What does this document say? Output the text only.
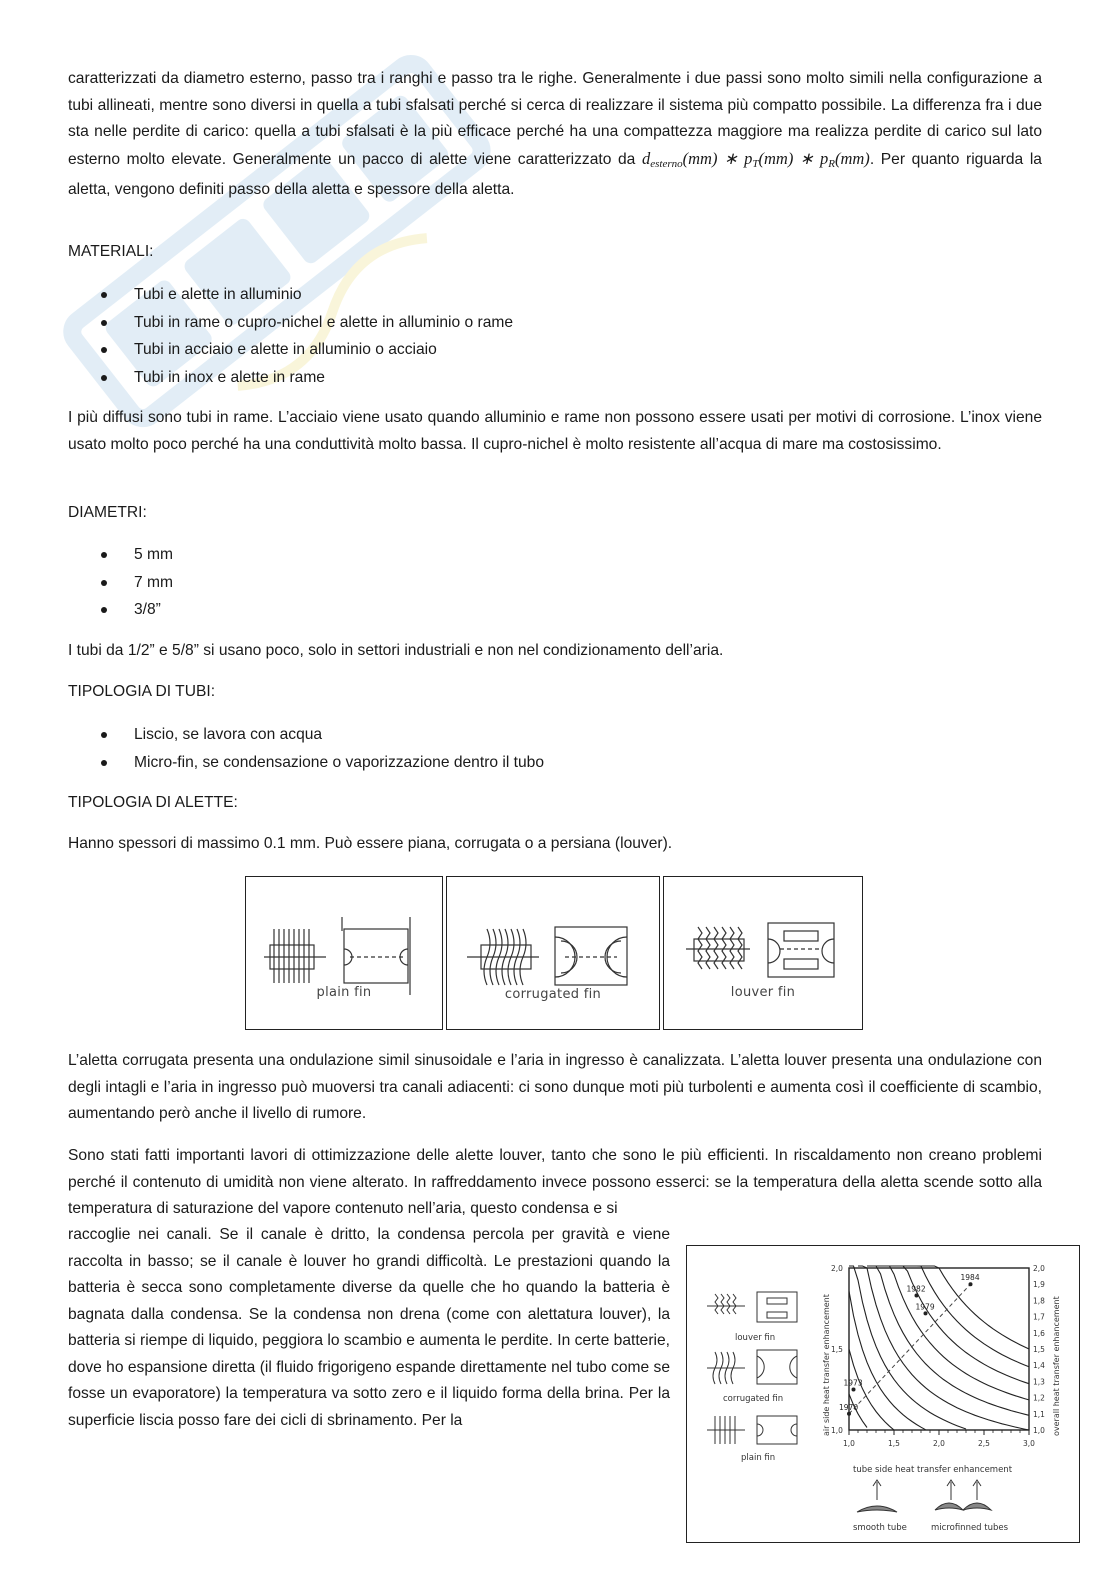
caratterizzati da diametro esterno, passo tra i ranghi e passo tra le righe. Generalmente i due passi sono molto simili nella configurazione a tubi allineati, mentre sono diversi in quella a tubi sfalsati perché si cerca di realizzare il sistema più compatto possibile. La differenza fra i due sta nelle perdite di carico: quella a tubi sfalsati è la più efficace perché ha una compattezza maggiore ma realizza perdite di carico sul lato esterno molto elevate. Generalmente un pacco di alette viene caratterizzato da $d_{esterno}(mm)$ ∗ $p_T(mm)$ ∗ $p_R(mm)$. Per quanto riguarda la aletta, vengono definiti passo della aletta e spessore della aletta.

MATERIALI:
Tubi e alette in alluminio
Tubi in rame o cupro-nichel e alette in alluminio o rame
Tubi in acciaio e alette in alluminio o acciaio
Tubi in inox e alette in rame

I più diffusi sono tubi in rame. L’acciaio viene usato quando alluminio e rame non possono essere usati per motivi di corrosione. L’inox viene usato molto poco perché ha una conduttività molto bassa. Il cupro-nichel è molto resistente all’acqua di mare ma costosissimo.

DIAMETRI:
5 mm
7 mm
3/8”

I tubi da 1/2” e 5/8” si usano poco, solo in settori industriali e non nel condizionamento dell’aria.

TIPOLOGIA DI TUBI:
Liscio, se lavora con acqua
Micro-fin, se condensazione o vaporizzazione dentro il tubo
TIPOLOGIA DI ALETTE:

Hanno spessori di massimo 0.1 mm. Può essere piana, corrugata o a persiana (louver).

plain fin	corrugated fin	louver fin

L’aletta corrugata presenta una ondulazione simil sinusoidale e l’aria in ingresso è canalizzata. L’aletta louver presenta una ondulazione con degli intagli e l’aria in ingresso può muoversi tra canali adiacenti: ci sono dunque moti più turbolenti e aumenta così il coefficiente di scambio, aumentando però anche il livello di rumore.

Sono stati fatti importanti lavori di ottimizzazione delle alette louver, tanto che sono le più efficienti. In riscaldamento non creano problemi perché il contenuto di umidità non viene alterato. In raffreddamento invece possono esserci: se la temperatura della aletta scende sotto alla temperatura di saturazione del vapore contenuto nell’aria, questo condensa e si

raccoglie nei canali. Se il canale è dritto, la condensa percola per gravità e viene raccolta in basso; se il canale è louver ho grandi difficoltà. Le prestazioni quando la batteria è secca sono completamente diverse da quelle che ho quando la batteria è bagnata dalla condensa. Se la condensa non drena (come con alettatura louver), la batteria si riempe di liquido, peggiora lo scambio e aumenta le perdite. In certe batterie, dove ho espansione diretta (il fluido frigorigeno espande direttamente nel tubo come se fosse un evaporatore) la temperatura va sotto zero e il liquido forma della brina. Per la superficie liscia posso fare dei cicli di sbrinamento. Per la

louver fin
corrugated fin
plain fin
air side heat transfer enhancement	overall heat transfer enhancement
tube side heat transfer enhancement
1,0	1,5	2,0	2,5	3,0
1,0
1,5
2,0	2,0
1,9
1,8
1,7
1,6
1,5
1,4
1,3
1,2
1,1
1,0
1970
1973
1979
1982
1984
smooth tube	microfinned tubes
